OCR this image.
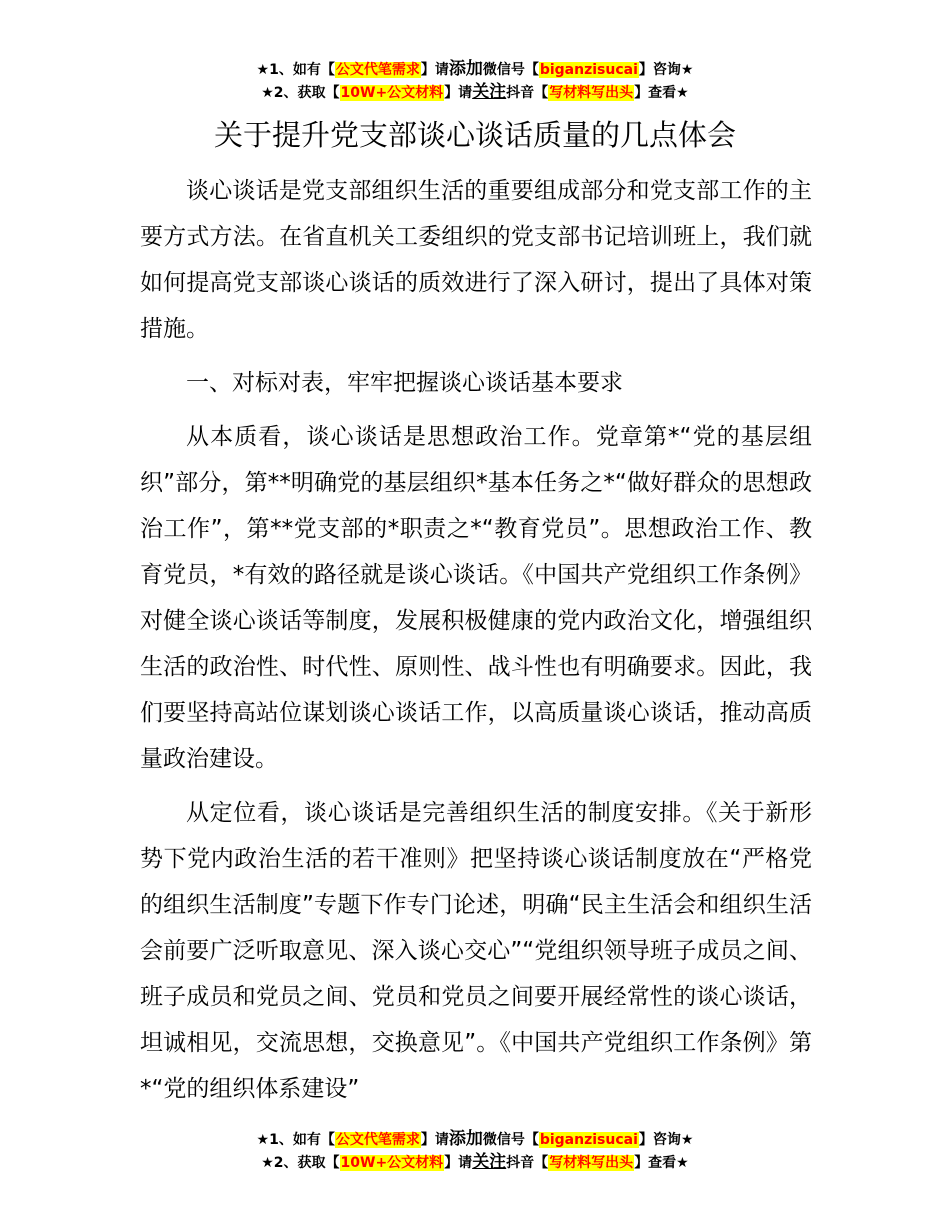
★1、如有【公文代笔需求】请添加微信号【biganzisucai】咨询★
★2、获取【10W+公文材料】请关注抖音【写材料写出头】查看★
关于提升党支部谈心谈话质量的几点体会

谈心谈话是党支部组织生活的重要组成部分和党支部工作的主要方式方法。在省直机关工委组织的党支部书记培训班上，我们就如何提高党支部谈心谈话的质效进行了深入研讨，提出了具体对策措施。

一、对标对表，牢牢把握谈心谈话基本要求

从本质看，谈心谈话是思想政治工作。党章第*“党的基层组织”部分，第**明确党的基层组织*基本任务之*“做好群众的思想政治工作”，第**党支部的*职责之*“教育党员”。思想政治工作、教育党员，*有效的路径就是谈心谈话。《中国共产党组织工作条例》对健全谈心谈话等制度，发展积极健康的党内政治文化，增强组织生活的政治性、时代性、原则性、战斗性也有明确要求。因此，我们要坚持高站位谋划谈心谈话工作，以高质量谈心谈话，推动高质量政治建设。

从定位看，谈心谈话是完善组织生活的制度安排。《关于新形势下党内政治生活的若干准则》把坚持谈心谈话制度放在“严格党的组织生活制度”专题下作专门论述，明确“民主生活会和组织生活会前要广泛听取意见、深入谈心交心”“党组织领导班子成员之间、班子成员和党员之间、党员和党员之间要开展经常性的谈心谈话，坦诚相见，交流思想，交换意见”。《中国共产党组织工作条例》第*“党的组织体系建设”

★1、如有【公文代笔需求】请添加微信号【biganzisucai】咨询★
★2、获取【10W+公文材料】请关注抖音【写材料写出头】查看★
